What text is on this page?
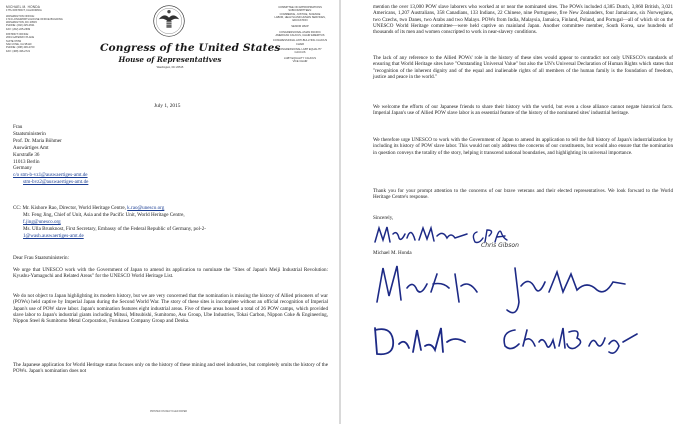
MICHAEL M. HONDA
17TH DISTRICT, CALIFORNIA
WASHINGTON OFFICE:
1713 LONGWORTH HOUSE OFFICE BUILDING
WASHINGTON, DC 20515
PHONE: (202) 225-2631
FAX: (202) 225-2699
DISTRICT OFFICE:
2001 GATEWAY PLACE
SUITE 670W
SAN JOSE, CA 95110
PHONE: (408) 436-2720
FAX: (408) 436-2721	Congress of the United States
House of Representatives
Washington, DC 20515
COMMITTEE ON APPROPRIATIONS
SUBCOMMITTEES:
COMMERCE, JUSTICE, SCIENCE
LABOR, HEALTH AND HUMAN SERVICES,
EDUCATION
SENIOR WHIP
CONGRESSIONAL ASIAN PACIFIC
AMERICAN CAUCUS, CHAIR EMERITUS
CONGRESSIONAL ANTI-BULLYING CAUCUS
CHAIR
CONGRESSIONAL LGBT EQUALITY
CAUCUS
LGBT EQUALITY CAUCUS
VICE CHAIR
July 1, 2015
Frau
Staatsministerin
Prof. Dr. Maria Böhmer
Auswärtiges Amt
Kurstraße 36
11013 Berlin
Germany
c/o stm-b-vz1@auswaertiges-amt.de
stm-bvz2@auswaertiges-amt.de
CC: Mr. Kishore Rao, Director, World Heritage Centre, k.rao@unesco.org
Mr. Feng Jing, Chief of Unit, Asia and the Pacific Unit, World Heritage Centre,
f.jing@unesco.org
Ms. Ulla Brunknost, First Secretary, Embassy of the Federal Republic of Germany, pol-2-
1@wash.auswaertiges-amt.de
Dear Frau Staatsministerin:

We urge that UNESCO work with the Government of Japan to amend its application to nominate the "Sites of Japan's Meiji Industrial Revolution: Kyushu-Yamaguchi and Related Areas" for the UNESCO World Heritage List.

We do not object to Japan highlighting its modern history, but we are very concerned that the nomination is missing the history of Allied prisoners of war (POWs) held captive by Imperial Japan during the Second World War. The story of these sites is incomplete without an official recognition of Imperial Japan's use of POW slave labor. Japan's nomination features eight industrial areas. Five of these areas housed a total of 26 POW camps, which provided slave labor to Japan's industrial giants including Mitsui, Mitsubishi, Sumitomo, Aso Group, Ube Industries, Tokai Carbon, Nippon Coke & Engineering, Nippon Steel & Sumitomo Metal Corporation, Furukawa Company Group and Denka.

The Japanese application for World Heritage status focuses only on the history of these mining and steel industries, but completely omits the history of the POWs. Japan's nomination does not

PRINTED ON RECYCLED PAPER

mention the over 13,000 POW slave laborers who worked at or near the nominated sites. The POWs included 4,385 Dutch, 3,860 British, 3,021 Americans, 1,207 Australians, 358 Canadians, 133 Indians, 22 Chinese, nine Portuguese, five New Zealanders, four Jamaicans, six Norwegians, two Czechs, two Danes, two Arabs and two Malays. POWs from India, Malaysia, Jamaica, Finland, Poland, and Portugal—all of which sit on the UNESCO World Heritage committee—were held captive on mainland Japan. Another committee member, South Korea, saw hundreds of thousands of its men and women conscripted to work in near-slavery conditions.

The lack of any reference to the Allied POWs' role in the history of these sites would appear to contradict not only UNESCO's standards of ensuring that World Heritage sites have "Outstanding Universal Value" but also the UN's Universal Declaration of Human Rights which states that "recognition of the inherent dignity and of the equal and inalienable rights of all members of the human family is the foundation of freedom, justice and peace in the world."

We welcome the efforts of our Japanese friends to share their history with the world, but even a close alliance cannot negate historical facts. Imperial Japan's use of Allied POW slave labor is an essential feature of the history of the nominated sites' industrial heritage.

We therefore urge UNESCO to work with the Government of Japan to amend its application to tell the full history of Japan's industrialization by including its history of POW slave labor. This would not only address the concerns of our constituents, but would also ensure that the nomination in question conveys the totality of the story, helping it transcend national boundaries, and highlighting its universal importance.

Thank you for your prompt attention to the concerns of our brave veterans and their elected representatives. We look forward to the World Heritage Centre's response.

Sincerely,
Michael M. Honda
Chris Gibson
